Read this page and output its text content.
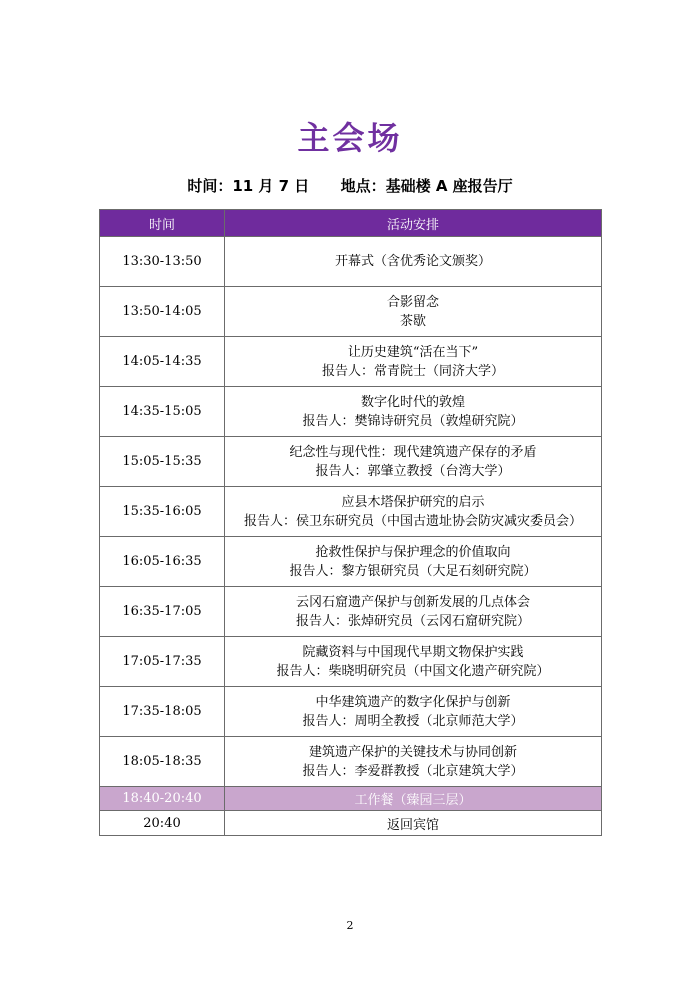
主会场
时间：11 月 7 日      地点：基础楼 A 座报告厅
时间	活动安排
13:30-13:50	开幕式（含优秀论文颁奖）

13:50-14:05	合影留念
茶歇

14:05-14:35	让历史建筑“活在当下”
报告人：常青院士（同济大学）

14:35-15:05	数字化时代的敦煌
报告人：樊锦诗研究员（敦煌研究院）

15:05-15:35	纪念性与现代性：现代建筑遗产保存的矛盾
报告人：郭肇立教授（台湾大学）

15:35-16:05	应县木塔保护研究的启示
报告人：侯卫东研究员（中国古遗址协会防灾减灾委员会）

16:05-16:35	抢救性保护与保护理念的价值取向
报告人：黎方银研究员（大足石刻研究院）

16:35-17:05	云冈石窟遗产保护与创新发展的几点体会
报告人：张焯研究员（云冈石窟研究院）

17:05-17:35	院藏资料与中国现代早期文物保护实践
报告人：柴晓明研究员（中国文化遗产研究院）

17:35-18:05	中华建筑遗产的数字化保护与创新
报告人：周明全教授（北京师范大学）

18:05-18:35	建筑遗产保护的关键技术与协同创新
报告人：李爱群教授（北京建筑大学）

18:40-20:40	工作餐（臻园三层）
20:40	返回宾馆
2
